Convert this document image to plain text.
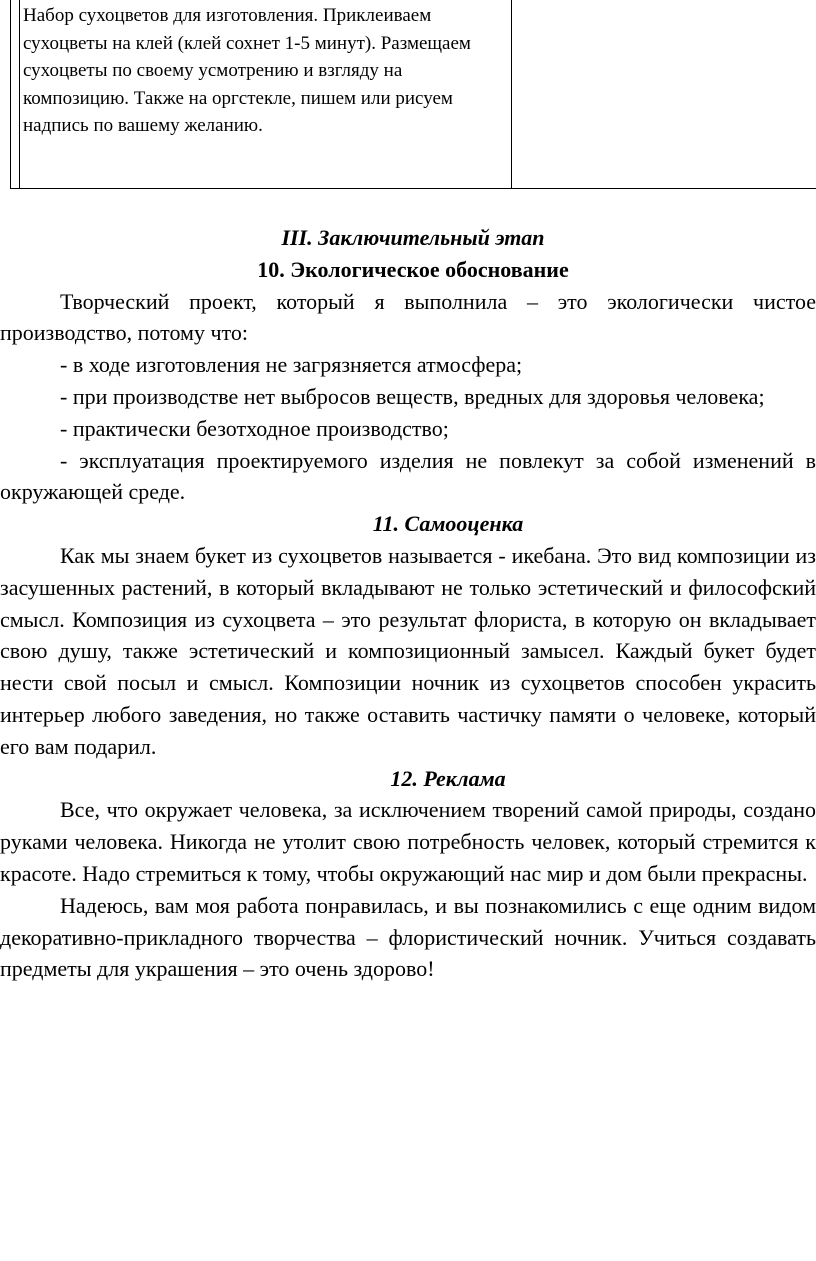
Набор сухоцветов для изготовления. Приклеиваем сухоцветы на клей (клей сохнет 1-5 минут). Размещаем сухоцветы по своему усмотрению и взгляду на композицию. Также на оргстекле, пишем или рисуем надпись по вашему желанию.

III. Заключительный этап

10. Экологическое обоснование

Творческий проект, который я выполнила – это экологически чистое производство, потому что:

- в ходе изготовления не загрязняется атмосфера;

- при производстве нет выбросов веществ, вредных для здоровья человека;

- практически безотходное производство;

- эксплуатация проектируемого изделия не повлекут за собой изменений в окружающей среде.

11. Самооценка

Как мы знаем букет из сухоцветов называется - икебана. Это вид композиции из засушенных растений, в который вкладывают не только эстетический и философский смысл. Композиция из сухоцвета – это результат флориста, в которую он вкладывает свою душу, также эстетический и композиционный замысел. Каждый букет будет нести свой посыл и смысл. Композиции ночник из сухоцветов способен украсить интерьер любого заведения, но также оставить частичку памяти о человеке, который его вам подарил.

12. Реклама

Все, что окружает человека, за исключением творений самой природы, создано руками человека. Никогда не утолит свою потребность человек, который стремится к красоте. Надо стремиться к тому, чтобы окружающий нас мир и дом были прекрасны.

Надеюсь, вам моя работа понравилась, и вы познакомились с еще одним видом декоративно-прикладного творчества – флористический ночник. Учиться создавать предметы для украшения – это очень здорово!
